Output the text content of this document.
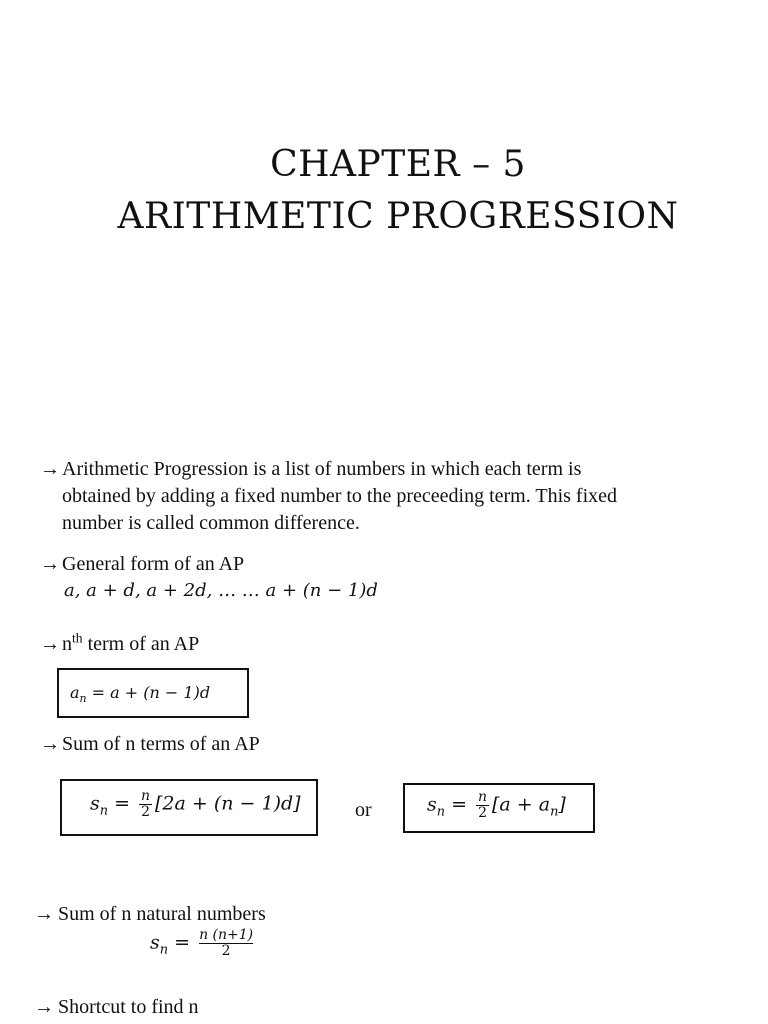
CHAPTER – 5
ARITHMETIC PROGRESSION
→ Arithmetic Progression is a list of numbers in which each term is
obtained by adding a fixed number to the preceeding term. This fixed
number is called common difference.
→ General form of an AP
a, a + d, a + 2d, … … a + (n − 1)d
→ $n^{th}$ term of an AP
$a_n = a + (n - 1)d$
→ Sum of n terms of an AP
$s_n = \frac{n}{2} [2a + (n - 1)d]$	or	$s_n = \frac{n}{2} [a + a_n]$
→ Sum of n natural numbers
$s_n = \frac{n (n+1)}{2}$
→ Shortcut to find n
